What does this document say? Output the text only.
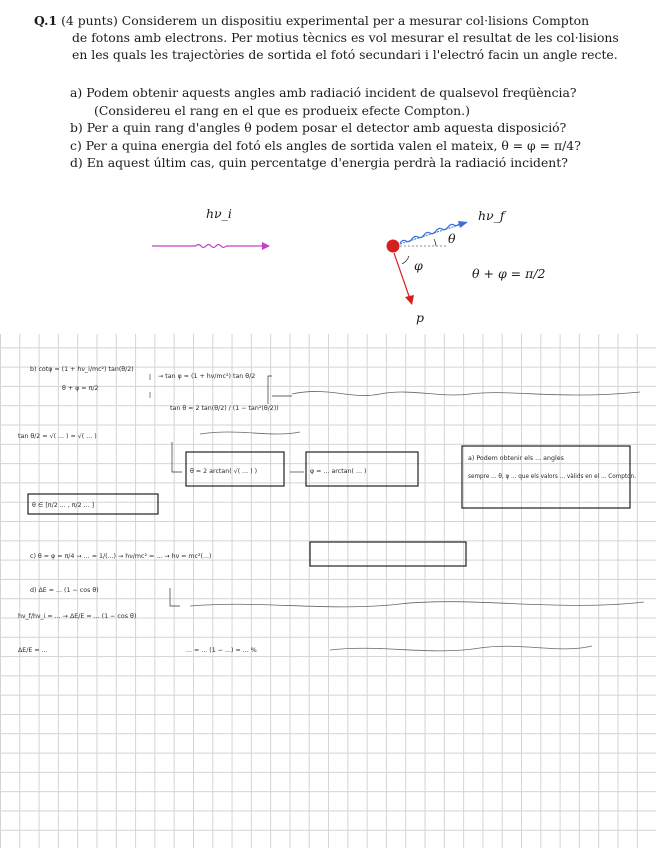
Q.1 (4 punts) Considerem un dispositiu experimental per a mesurar col·lisions Compton
de fotons amb electrons. Per motius tècnics es vol mesurar el resultat de les col·lisions
en les quals les trajectòries de sortida el fotó secundari i l'electró facin un angle recte.
a) Podem obtenir aquests angles amb radiació incident de qualsevol freqüència?
(Considereu el rang en el que es produeix efecte Compton.)
b) Per a quin rang d'angles θ podem posar el detector amb aquesta disposició?
c) Per a quina energia del fotó els angles de sortida valen el mateix, θ = φ = π/4?
d) En aquest últim cas, quin percentatge d'energia perdrà la radiació incident?
hν_i	hν_f
θ
φ
p
θ + φ = π/2
b) cotφ = (1 + hν_i/mc²) tan(θ/2)
θ + φ = π/2
→ tan φ = (1 + hν/mc²) tan θ/2
tan θ = 2 tan(θ/2) / (1 − tan²(θ/2))
tan θ/2 = √( ... ) = √( ... )
θ = 2 arctan( √( ... ) )	φ = ... arctan( ... )
a) Podem obtenir els ... angles
sempre ... θ, φ ... que els valors ... vàlids en el ... Compton.
θ ∈ [π/2 ... , π/2 ... ]
c) θ = φ = π/4 → ... = 1/(...) → hν/mc² = ... → hν = mc²(...)
d) ΔE = ... (1 − cos θ)
hν_f/hν_i = ... → ΔE/E = ... (1 − cos θ)
ΔE/E = ...	... = ... (1 − ...) = ... %
